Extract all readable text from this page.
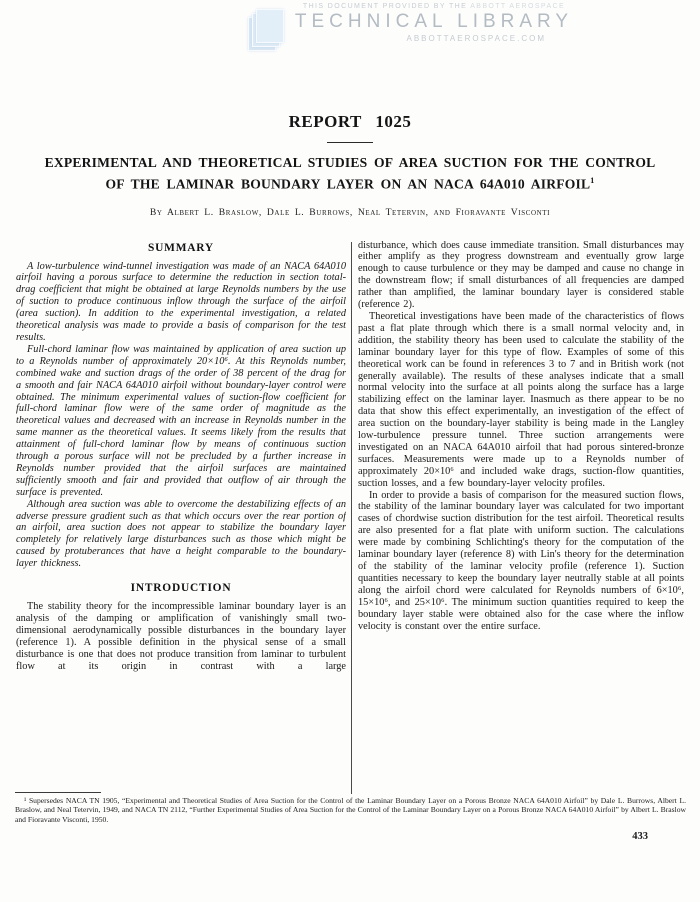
THIS DOCUMENT PROVIDED BY THE ABBOTT AEROSPACE
TECHNICAL LIBRARY
ABBOTTAEROSPACE.COM
REPORT 1025
EXPERIMENTAL AND THEORETICAL STUDIES OF AREA SUCTION FOR THE CONTROL
OF THE LAMINAR BOUNDARY LAYER ON AN NACA 64A010 AIRFOIL$^1$
By Albert L. Braslow, Dale L. Burrows, Neal Tetervin, and Fioravante Visconti
SUMMARY

A low-turbulence wind-tunnel investigation was made of an NACA 64A010 airfoil having a porous surface to determine the reduction in section total-drag coefficient that might be obtained at large Reynolds numbers by the use of suction to produce continuous inflow through the surface of the airfoil (area suction). In addition to the experimental investigation, a related theoretical analysis was made to provide a basis of comparison for the test results.

Full-chord laminar flow was maintained by application of area suction up to a Reynolds number of approximately 20×10⁶. At this Reynolds number, combined wake and suction drags of the order of 38 percent of the drag for a smooth and fair NACA 64A010 airfoil without boundary-layer control were obtained. The minimum experimental values of suction-flow coefficient for full-chord laminar flow were of the same order of magnitude as the theoretical values and decreased with an increase in Reynolds number in the same manner as the theoretical values. It seems likely from the results that attainment of full-chord laminar flow by means of continuous suction through a porous surface will not be precluded by a further increase in Reynolds number provided that the airfoil surfaces are maintained sufficiently smooth and fair and provided that outflow of air through the surface is prevented.

Although area suction was able to overcome the destabilizing effects of an adverse pressure gradient such as that which occurs over the rear portion of an airfoil, area suction does not appear to stabilize the boundary layer completely for relatively large disturbances such as those which might be caused by protuberances that have a height comparable to the boundary-layer thickness.

INTRODUCTION

The stability theory for the incompressible laminar boundary layer is an analysis of the damping or amplification of vanishingly small two-dimensional aerodynamically possible disturbances in the boundary layer (reference 1). A possible definition in the physical sense of a small disturbance is one that does not produce transition from laminar to turbulent flow at its origin in contrast with a large

disturbance, which does cause immediate transition. Small disturbances may either amplify as they progress downstream and eventually grow large enough to cause turbulence or they may be damped and cause no change in the downstream flow; if small disturbances of all frequencies are damped rather than amplified, the laminar boundary layer is considered stable (reference 2).

Theoretical investigations have been made of the characteristics of flows past a flat plate through which there is a small normal velocity and, in addition, the stability theory has been used to calculate the stability of the laminar boundary layer for this type of flow. Examples of some of this theoretical work can be found in references 3 to 7 and in British work (not generally available). The results of these analyses indicate that a small normal velocity into the surface at all points along the surface has a large stabilizing effect on the laminar layer. Inasmuch as there appear to be no data that show this effect experimentally, an investigation of the effect of area suction on the boundary-layer stability is being made in the Langley low-turbulence pressure tunnel. Three suction arrangements were investigated on an NACA 64A010 airfoil that had porous sintered-bronze surfaces. Measurements were made up to a Reynolds number of approximately 20×10⁶ and included wake drags, suction-flow quantities, suction losses, and a few boundary-layer velocity profiles.

In order to provide a basis of comparison for the measured suction flows, the stability of the laminar boundary layer was calculated for two important cases of chordwise suction distribution for the test airfoil. Theoretical results are also presented for a flat plate with uniform suction. The calculations were made by combining Schlichting's theory for the computation of the laminar boundary layer (reference 8) with Lin's theory for the determination of the stability of the laminar velocity profile (reference 1). Suction quantities necessary to keep the boundary layer neutrally stable at all points along the airfoil chord were calculated for Reynolds numbers of 6×10⁶, 15×10⁶, and 25×10⁶. The minimum suction quantities required to keep the boundary layer stable were obtained also for the case where the inflow velocity is constant over the entire surface.

¹ Supersedes NACA TN 1905, “Experimental and Theoretical Studies of Area Suction for the Control of the Laminar Boundary Layer on a Porous Bronze NACA 64A010 Airfoil” by Dale L. Burrows, Albert L. Braslow, and Neal Tetervin, 1949, and NACA TN 2112, “Further Experimental Studies of Area Suction for the Control of the Laminar Boundary Layer on a Porous Bronze NACA 64A010 Airfoil” by Albert L. Braslow and Fioravante Visconti, 1950.

433
